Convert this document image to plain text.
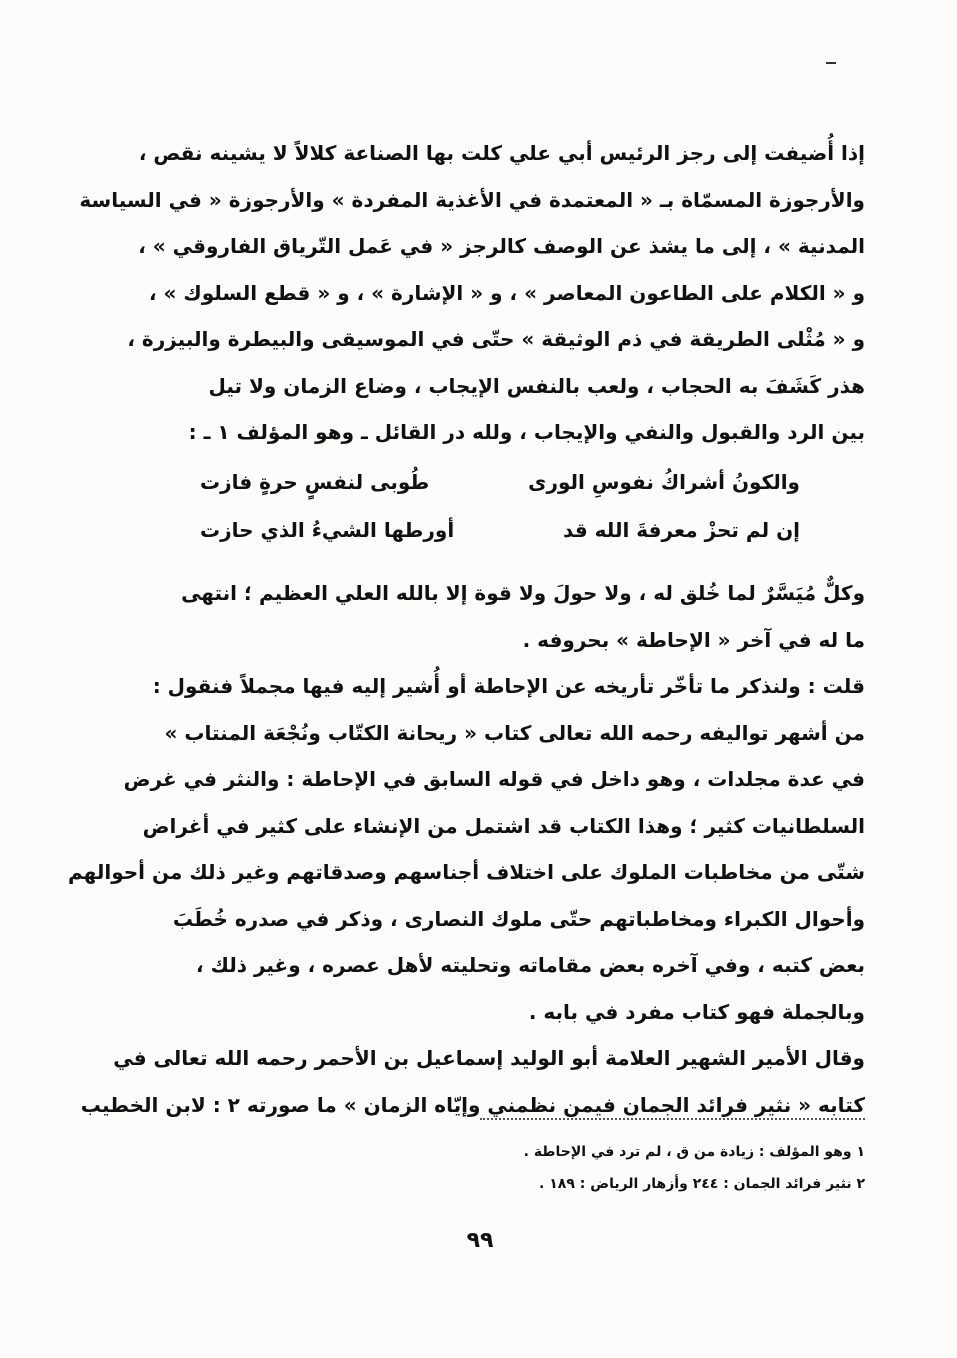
إذا أُضيفت إلى رجز الرئيس أبي علي كلت بها الصناعة كلالاً لا يشينه نقص ،
والأرجوزة المسمّاة بـ « المعتمدة في الأغذية المفردة » والأرجوزة « في السياسة
المدنية » ، إلى ما يشذ عن الوصف كالرجز « في عَمل التّرياق الفاروقي » ،
و « الكلام على الطاعون المعاصر » ، و « الإشارة » ، و « قطع السلوك » ،
و « مُثْلى الطريقة في ذم الوثيقة » حتّى في الموسيقى والبيطرة والبيزرة ،
هذر كَشَفَ به الحجاب ، ولعب بالنفس الإيجاب ، وضاع الزمان ولا تيل
بين الرد والقبول والنفي والإيجاب ، ولله در القائل ـ وهو المؤلف ١ ـ :
والكونُ أشراكُ نفوسِ الورى
طُوبى لنفسٍ حرةٍ فازت
إن لم تحزْ معرفةَ الله قد
أورطها الشيءُ الذي حازت
وكلٌّ مُيَسَّرٌ لما خُلق له ، ولا حولَ ولا قوة إلا بالله العلي العظيم ؛ انتهى
ما له في آخر « الإحاطة » بحروفه .
قلت : ولنذكر ما تأخّر تأريخه عن الإحاطة أو أُشير إليه فيها مجملاً فنقول :
من أشهر تواليفه رحمه الله تعالى كتاب « ريحانة الكتّاب ونُجْعَة المنتاب »
في عدة مجلدات ، وهو داخل في قوله السابق في الإحاطة : والنثر في غرض
السلطانيات كثير ؛ وهذا الكتاب قد اشتمل من الإنشاء على كثير في أغراض
شتّى من مخاطبات الملوك على اختلاف أجناسهم وصدقاتهم وغير ذلك من أحوالهم
وأحوال الكبراء ومخاطباتهم حتّى ملوك النصارى ، وذكر في صدره خُطَبَ
بعض كتبه ، وفي آخره بعض مقاماته وتحليته لأهل عصره ، وغير ذلك ،
وبالجملة فهو كتاب مفرد في بابه .
وقال الأمير الشهير العلامة أبو الوليد إسماعيل بن الأحمر رحمه الله تعالى في
كتابه « نثير فرائد الجمان فيمن نظمني وإيّاه الزمان » ما صورته ٢ : لابن الخطيب
١ وهو المؤلف : زيادة من ق ، لم ترد في الإحاطة .
٢ نثير فرائد الجمان : ٢٤٤ وأزهار الرياض : ١٨٩ .
٩٩
